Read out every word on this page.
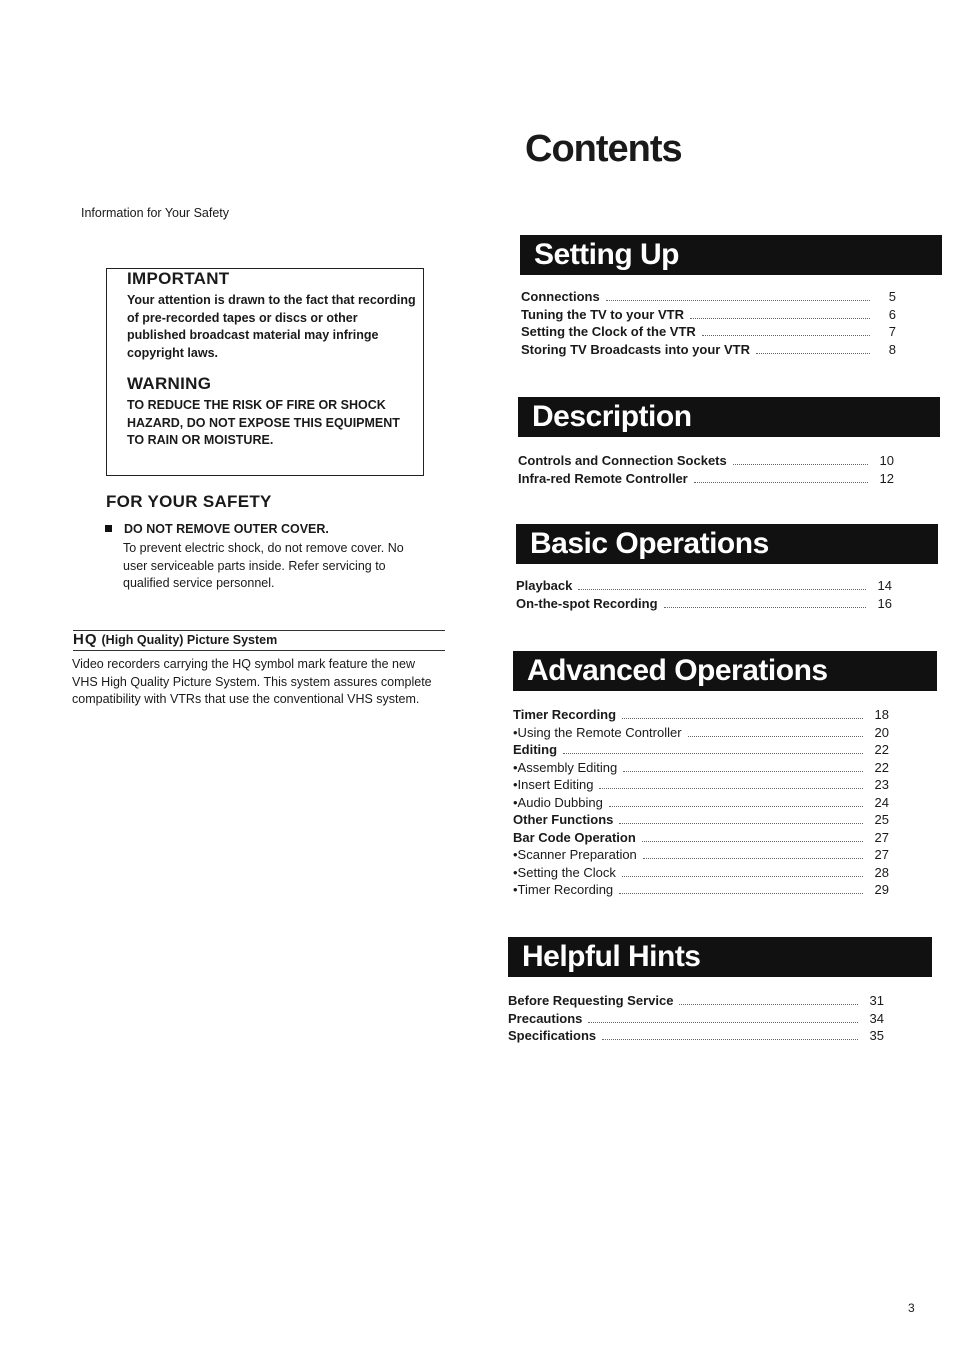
Contents
Information for Your Safety
IMPORTANT
Your attention is drawn to the fact that recording of pre-recorded tapes or discs or other published broadcast material may infringe copyright laws.
WARNING
TO REDUCE THE RISK OF FIRE OR SHOCK HAZARD, DO NOT EXPOSE THIS EQUIPMENT TO RAIN OR MOISTURE.
FOR YOUR SAFETY
DO NOT REMOVE OUTER COVER.
To prevent electric shock, do not remove cover. No user serviceable parts inside. Refer servicing to qualified service personnel.
HQ (High Quality) Picture System
Video recorders carrying the HQ symbol mark feature the new VHS High Quality Picture System. This system assures complete compatibility with VTRs that use the conventional VHS system.
Setting Up
Connections	5
Tuning the TV to your VTR	6
Setting the Clock of the VTR	7
Storing TV Broadcasts into your VTR	8
Description
Controls and Connection Sockets	10
Infra-red Remote Controller	12
Basic Operations
Playback	14
On-the-spot Recording	16
Advanced Operations
Timer Recording	18
•Using the Remote Controller	20
Editing	22
•Assembly Editing	22
•Insert Editing	23
•Audio Dubbing	24
Other Functions	25
Bar Code Operation	27
•Scanner Preparation	27
•Setting the Clock	28
•Timer Recording	29
Helpful Hints
Before Requesting Service	31
Precautions	34
Specifications	35
3
